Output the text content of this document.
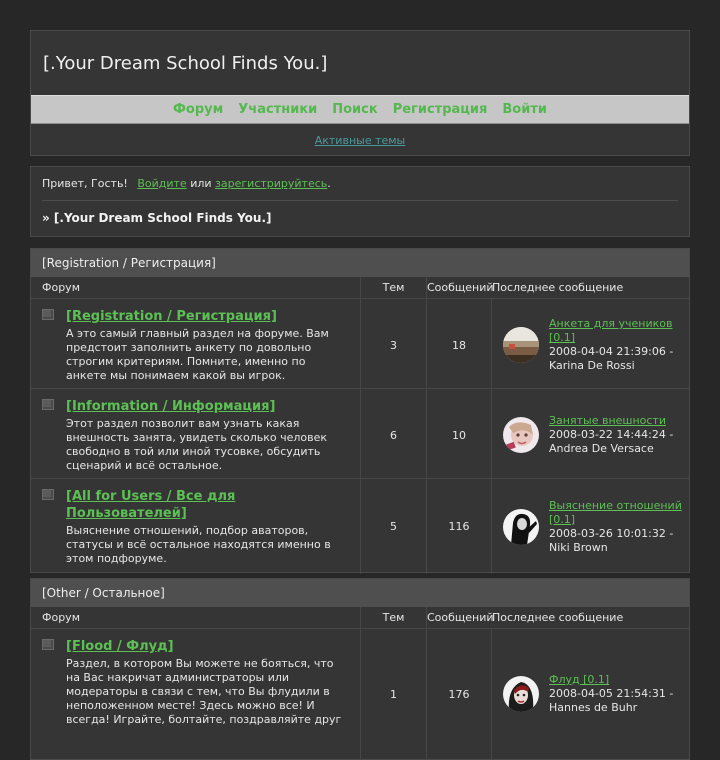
[.Your Dream School Finds You.]
Форум Участники Поиск Регистрация Войти
Активные темы
Привет, Гость! Войдите или зарегистрируйтесь.
» [.Your Dream School Finds You.]
[Registration / Регистрация]
Форум	Тем	Сообщений
Последнее сообщение
[Registration / Регистрация]
А это самый главный раздел на форуме. Вам предстоит заполнить анкету по довольно строгим критериям. Помните, именно по анкете мы понимаем какой вы игрок.
3	18
Анкета для учеников [0.1]
2008-04-04 21:39:06 -
Karina De Rossi
[Information / Информация]
Этот раздел позволит вам узнать какая внешность занята, увидеть сколько человек свободно в той или иной тусовке, обсудить сценарий и всё остальное.
6	10
Занятые внешности
2008-03-22 14:44:24 -
Andrea De Versace
[All for Users / Все для Пользователей]
Выяснение отношений, подбор аваторов, статусы и всё остальное находятся именно в этом подфоруме.
5	116
Выяснение отношений [0.1]
2008-03-26 10:01:32 -
Niki Brown
[Other / Остальное]
Форум	Тем	Сообщений
Последнее сообщение
[Flood / Флуд]
Раздел, в котором Вы можете не бояться, что на Вас накричат администраторы или модераторы в связи с тем, что Вы флудили в неположенном месте! Здесь можно все! И всегда! Играйте, болтайте, поздравляйте друг
1	176
Флуд [0.1]
2008-04-05 21:54:31 -
Hannes de Buhr
